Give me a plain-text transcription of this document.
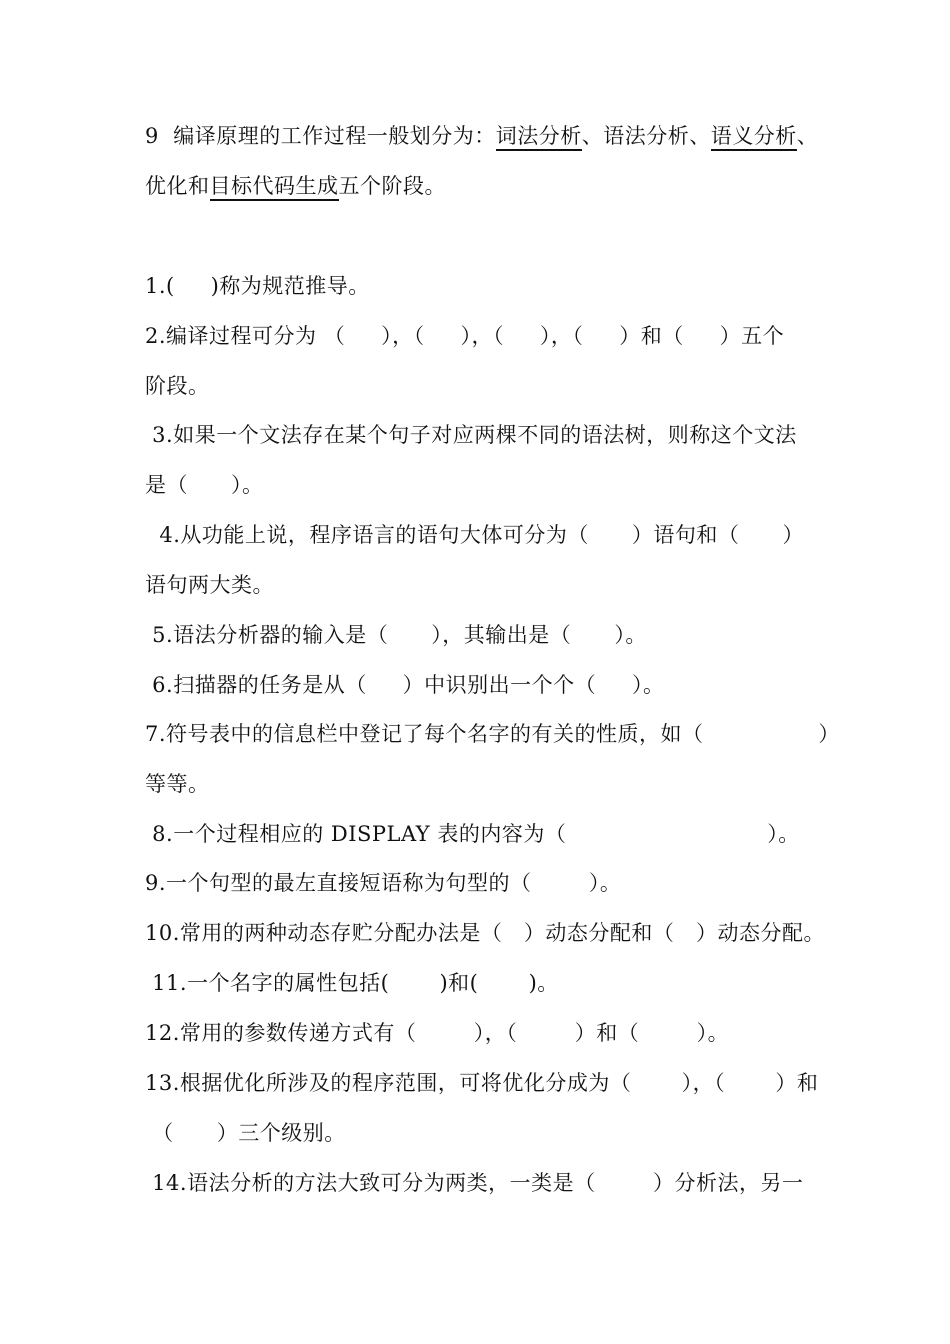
9  编译原理的工作过程一般划分为：词法分析、语法分析、语义分析、
优化和目标代码生成五个阶段。
1.(     )称为规范推导。
2.编译过程可分为 （     ），（     ），（     ），（     ）和（     ）五个
阶段。
3.如果一个文法存在某个句子对应两棵不同的语法树，则称这个文法
是（      ）。
4.从功能上说，程序语言的语句大体可分为（      ）语句和（      ）
语句两大类。
5.语法分析器的输入是（      ），其输出是（      ）。
6.扫描器的任务是从（     ）中识别出一个个（     ）。
7.符号表中的信息栏中登记了每个名字的有关的性质，如（                ）
等等。
8.一个过程相应的 DISPLAY 表的内容为（                            ）。
9.一个句型的最左直接短语称为句型的（        ）。
10.常用的两种动态存贮分配办法是（   ）动态分配和（   ）动态分配。
11.一个名字的属性包括(       )和(       )。
12.常用的参数传递方式有（        ），（        ）和（        ）。
13.根据优化所涉及的程序范围，可将优化分成为（       ），（       ）和
（      ）三个级别。
14.语法分析的方法大致可分为两类，一类是（        ）分析法，另一
